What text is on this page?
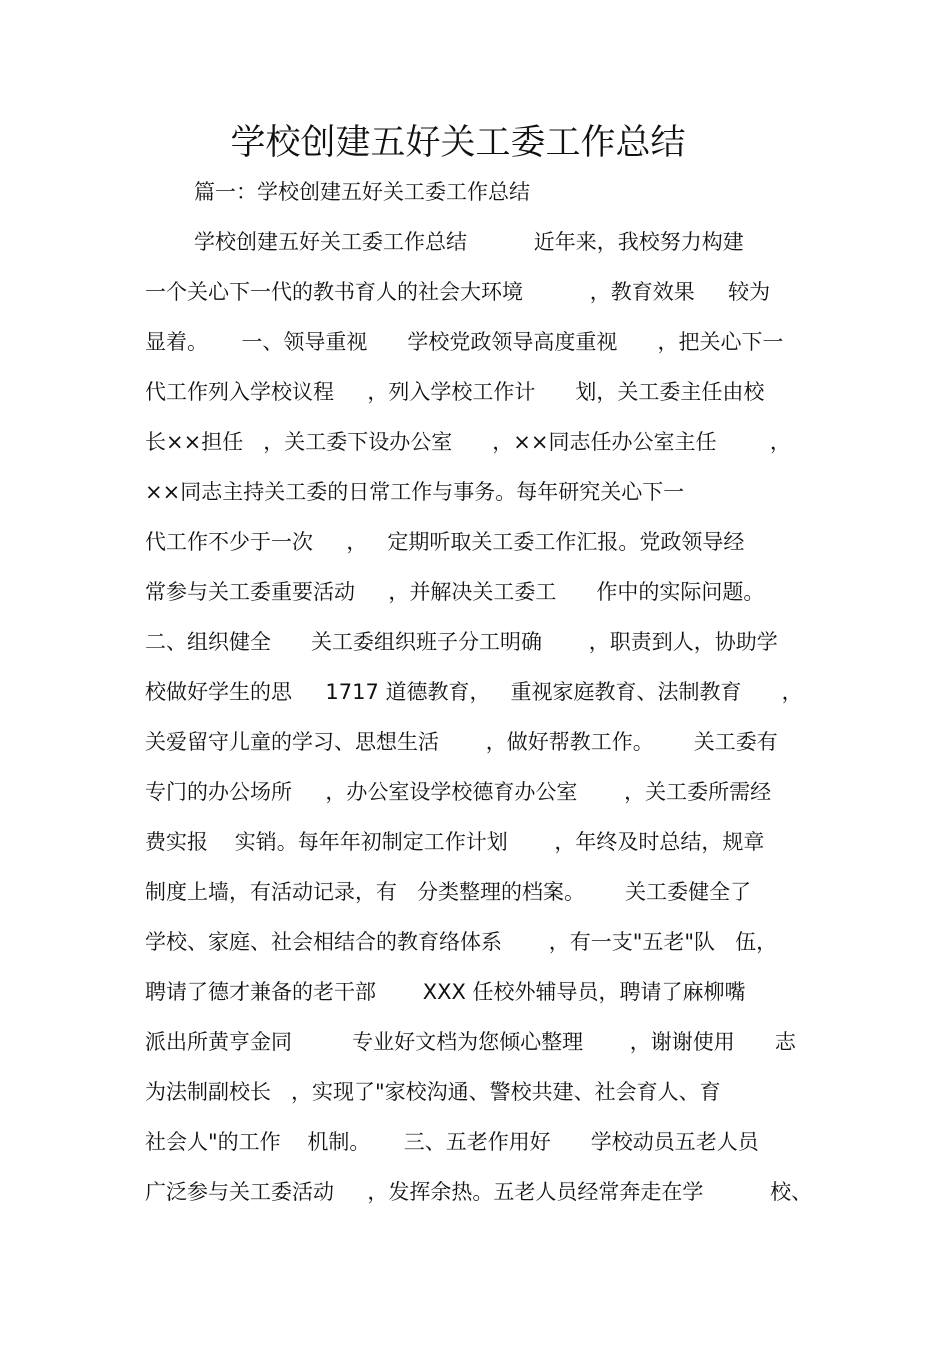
学校创建五好关工委工作总结
篇一：学校创建五好关工委工作总结
学校创建五好关工委工作总结          近年来，我校努力构建
一个关心下一代的教书育人的社会大环境          ，教育效果     较为
显着。     一、领导重视      学校党政领导高度重视      ，把关心下一
代工作列入学校议程     ，列入学校工作计      划，关工委主任由校
长××担任   ，关工委下设办公室      ，××同志任办公室主任        ，
××同志主持关工委的日常工作与事务。每年研究关心下一
代工作不少于一次     ，   定期听取关工委工作汇报。党政领导经
常参与关工委重要活动     ，并解决关工委工      作中的实际问题。
二、组织健全      关工委组织班子分工明确       ，职责到人，协助学
校做好学生的思     1717 道德教育，   重视家庭教育、法制教育      ，
关爱留守儿童的学习、思想生活       ，做好帮教工作。      关工委有
专门的办公场所     ，办公室设学校德育办公室       ，关工委所需经
费实报    实销。每年年初制定工作计划       ，年终及时总结，规章
制度上墙，有活动记录，有   分类整理的档案。      关工委健全了
学校、家庭、社会相结合的教育络体系       ，有一支"五老"队   伍，
聘请了德才兼备的老干部       XXX 任校外辅导员，聘请了麻柳嘴
派出所黄亨金同         专业好文档为您倾心整理       ，谢谢使用      志
为法制副校长   ，实现了"家校沟通、警校共建、社会育人、育
社会人"的工作    机制。     三、五老作用好      学校动员五老人员
广泛参与关工委活动     ，发挥余热。五老人员经常奔走在学          校、
